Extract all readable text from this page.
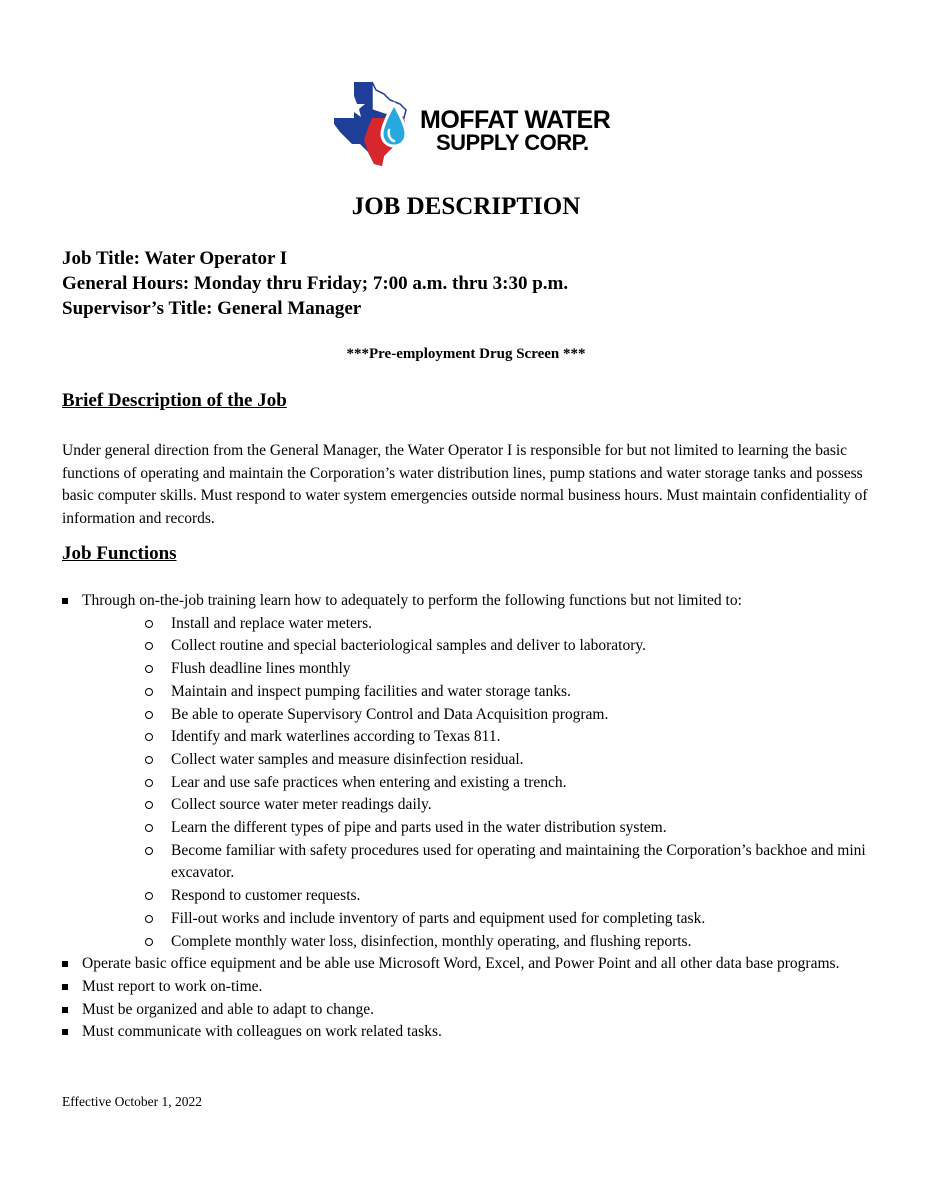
MOFFAT WATER
SUPPLY CORP.
JOB DESCRIPTION
Job Title: Water Operator I
General Hours: Monday thru Friday; 7:00 a.m. thru 3:30 p.m.
Supervisor’s Title: General Manager
***Pre-employment Drug Screen ***
Brief Description of the Job
Under general direction from the General Manager, the Water Operator I is responsible for but not limited to learning the basic functions of operating and maintain the Corporation’s water distribution lines, pump stations and water storage tanks and possess basic computer skills. Must respond to water system emergencies outside normal business hours. Must maintain confidentiality of information and records.
Job Functions
Through on-the-job training learn how to adequately to perform the following functions but not limited to:
Install and replace water meters.
Collect routine and special bacteriological samples and deliver to laboratory.
Flush deadline lines monthly
Maintain and inspect pumping facilities and water storage tanks.
Be able to operate Supervisory Control and Data Acquisition program.
Identify and mark waterlines according to Texas 811.
Collect water samples and measure disinfection residual.
Lear and use safe practices when entering and existing a trench.
Collect source water meter readings daily.
Learn the different types of pipe and parts used in the water distribution system.
Become familiar with safety procedures used for operating and maintaining the Corporation’s backhoe and mini excavator.
Respond to customer requests.
Fill-out works and include inventory of parts and equipment used for completing task.
Complete monthly water loss, disinfection, monthly operating, and flushing reports.
Operate basic office equipment and be able use Microsoft Word, Excel, and Power Point and all other data base programs.
Must report to work on-time.
Must be organized and able to adapt to change.
Must communicate with colleagues on work related tasks.
Effective October 1, 2022
